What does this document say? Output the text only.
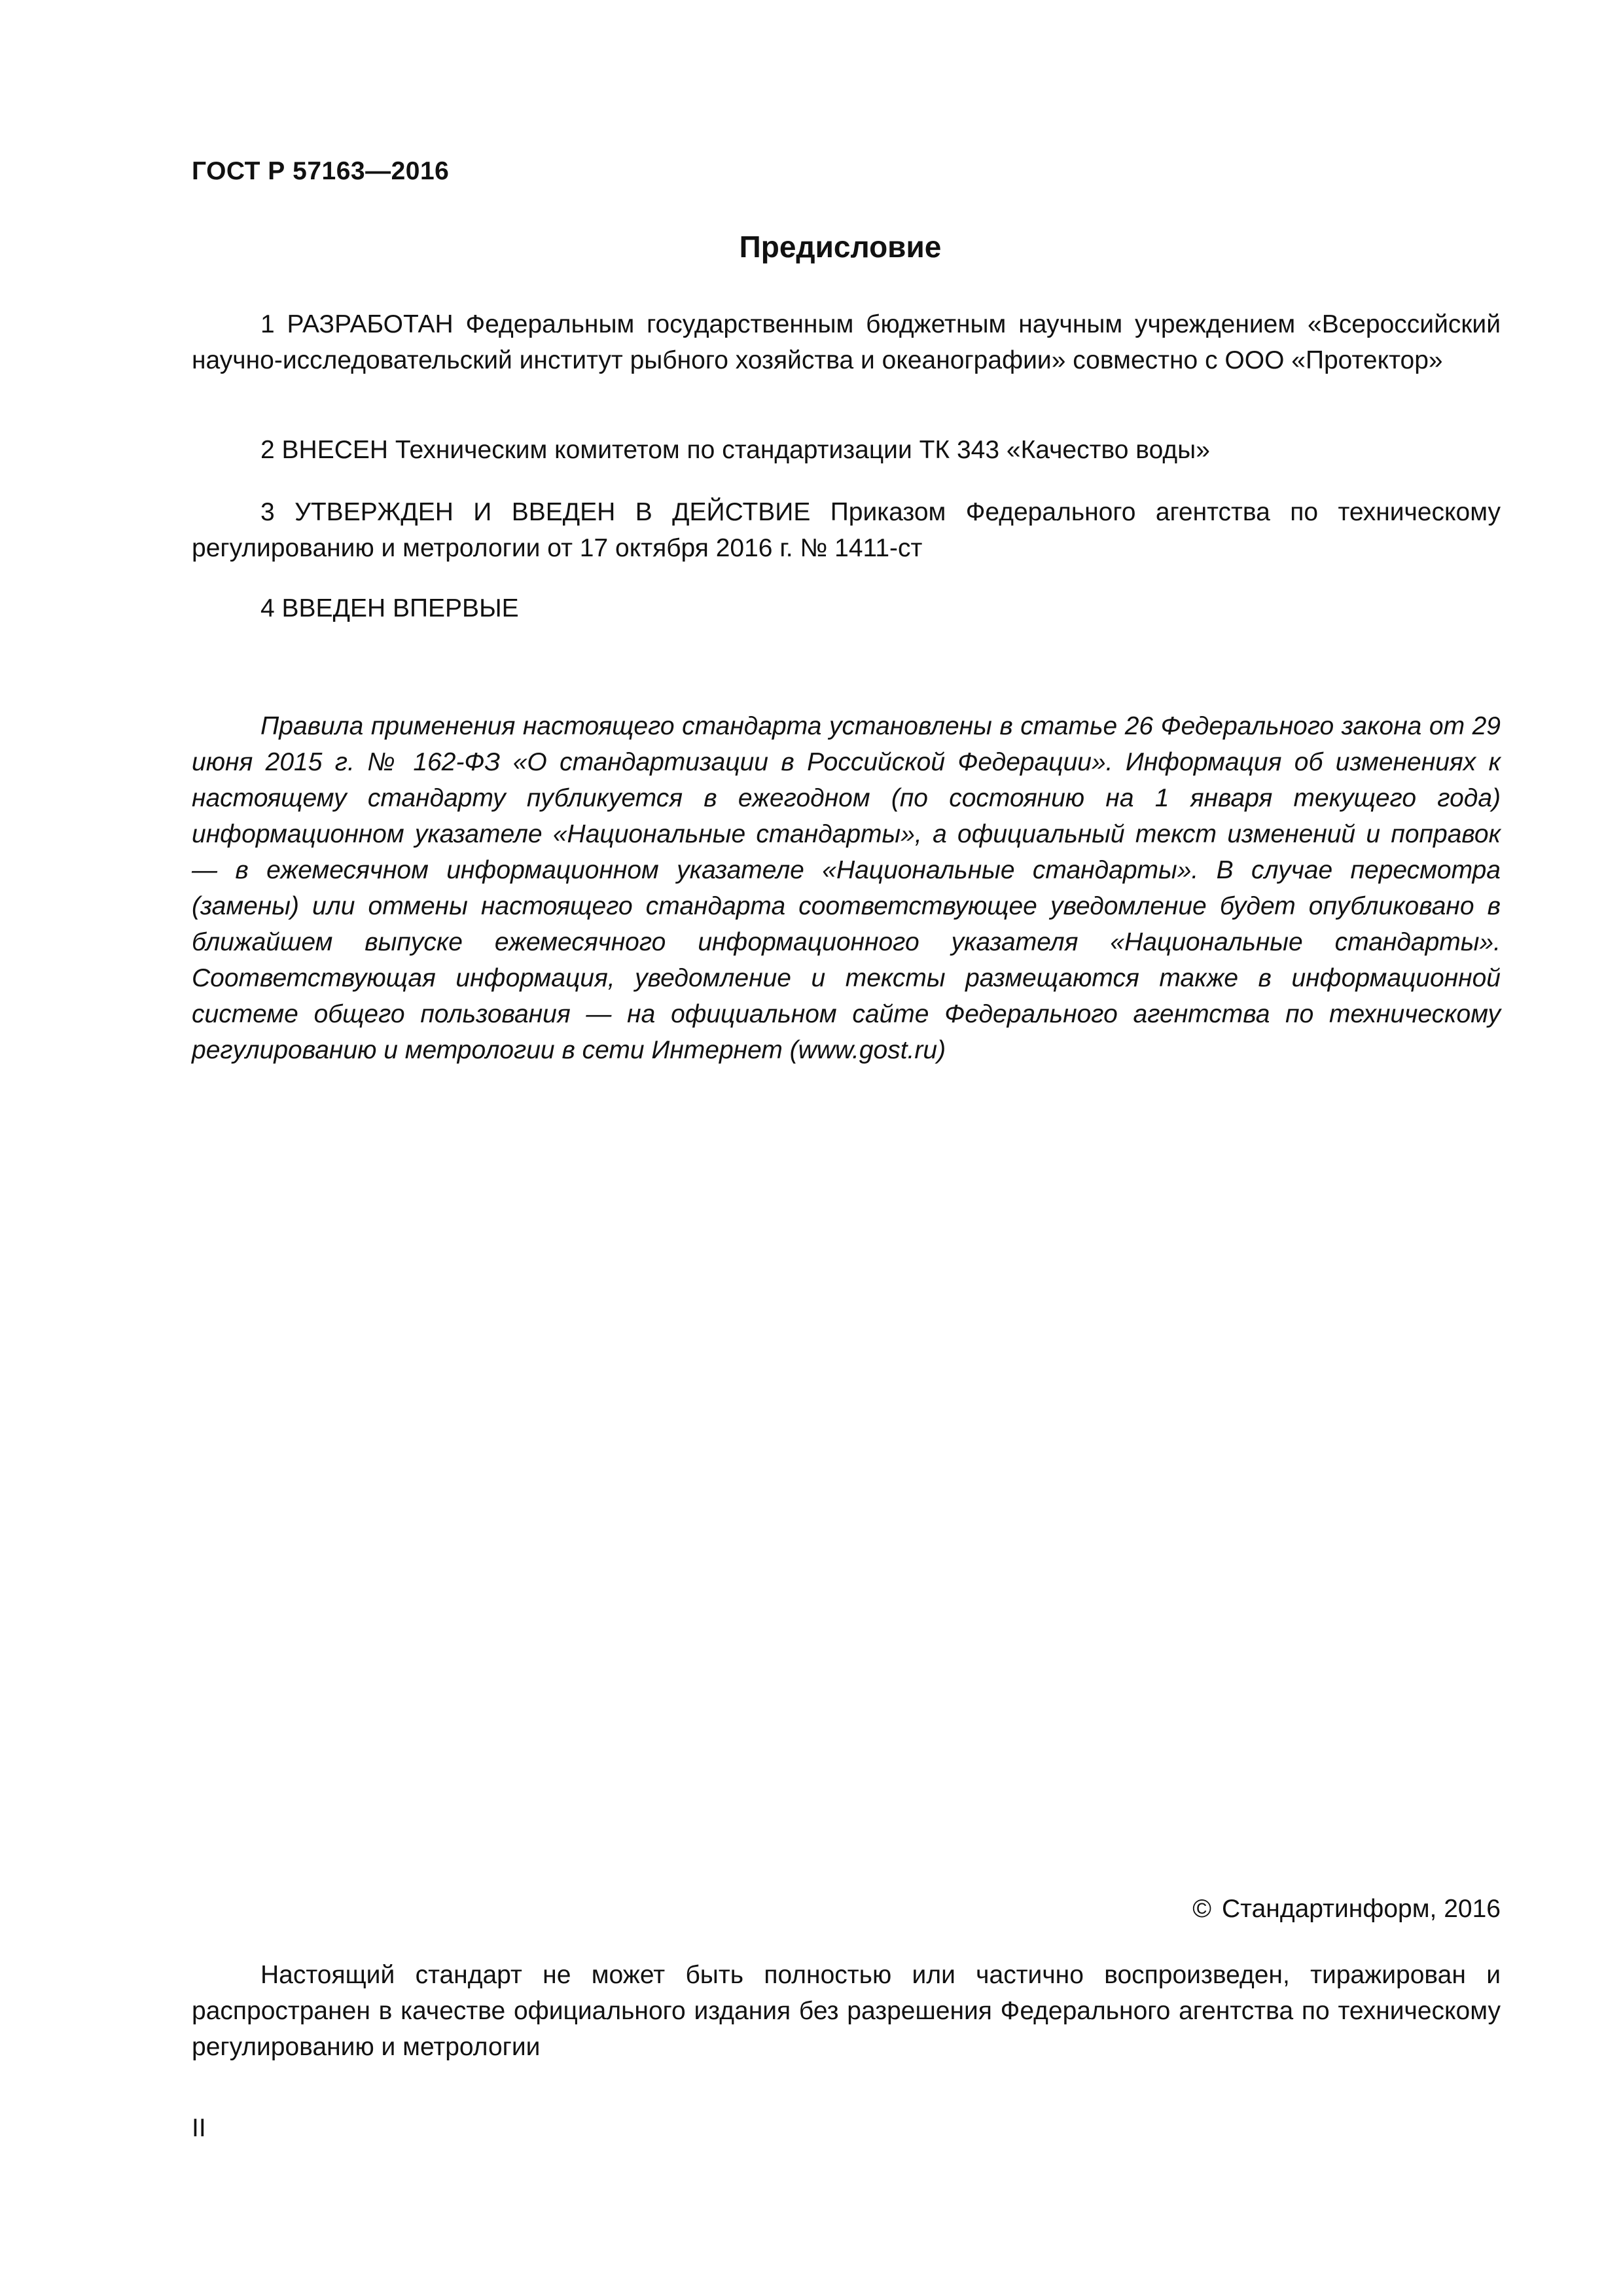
ГОСТ Р 57163—2016
Предисловие

1 РАЗРАБОТАН Федеральным государственным бюджетным научным учреждением «Всероссийский научно-исследовательский институт рыбного хозяйства и океанографии» совместно с ООО «Протектор»

2 ВНЕСЕН Техническим комитетом по стандартизации ТК 343 «Качество воды»

3 УТВЕРЖДЕН И ВВЕДЕН В ДЕЙСТВИЕ Приказом Федерального агентства по техническому регулированию и метрологии от 17 октября 2016 г. № 1411-ст

4 ВВЕДЕН ВПЕРВЫЕ

Правила применения настоящего стандарта установлены в статье 26 Федерального закона от 29 июня 2015 г. № 162-ФЗ «О стандартизации в Российской Федерации». Информация об изменениях к настоящему стандарту публикуется в ежегодном (по состоянию на 1 января текущего года) информационном указателе «Национальные стандарты», а официальный текст изменений и поправок — в ежемесячном информационном указателе «Национальные стандарты». В случае пересмотра (замены) или отмены настоящего стандарта соответствующее уведомление будет опубликовано в ближайшем выпуске ежемесячного информационного указателя «Национальные стандарты». Соответствующая информация, уведомление и тексты размещаются также в информационной системе общего пользования — на официальном сайте Федерального агентства по техническому регулированию и метрологии в сети Интернет (www.gost.ru)

© Стандартинформ, 2016

Настоящий стандарт не может быть полностью или частично воспроизведен, тиражирован и распространен в качестве официального издания без разрешения Федерального агентства по техническому регулированию и метрологии

II
